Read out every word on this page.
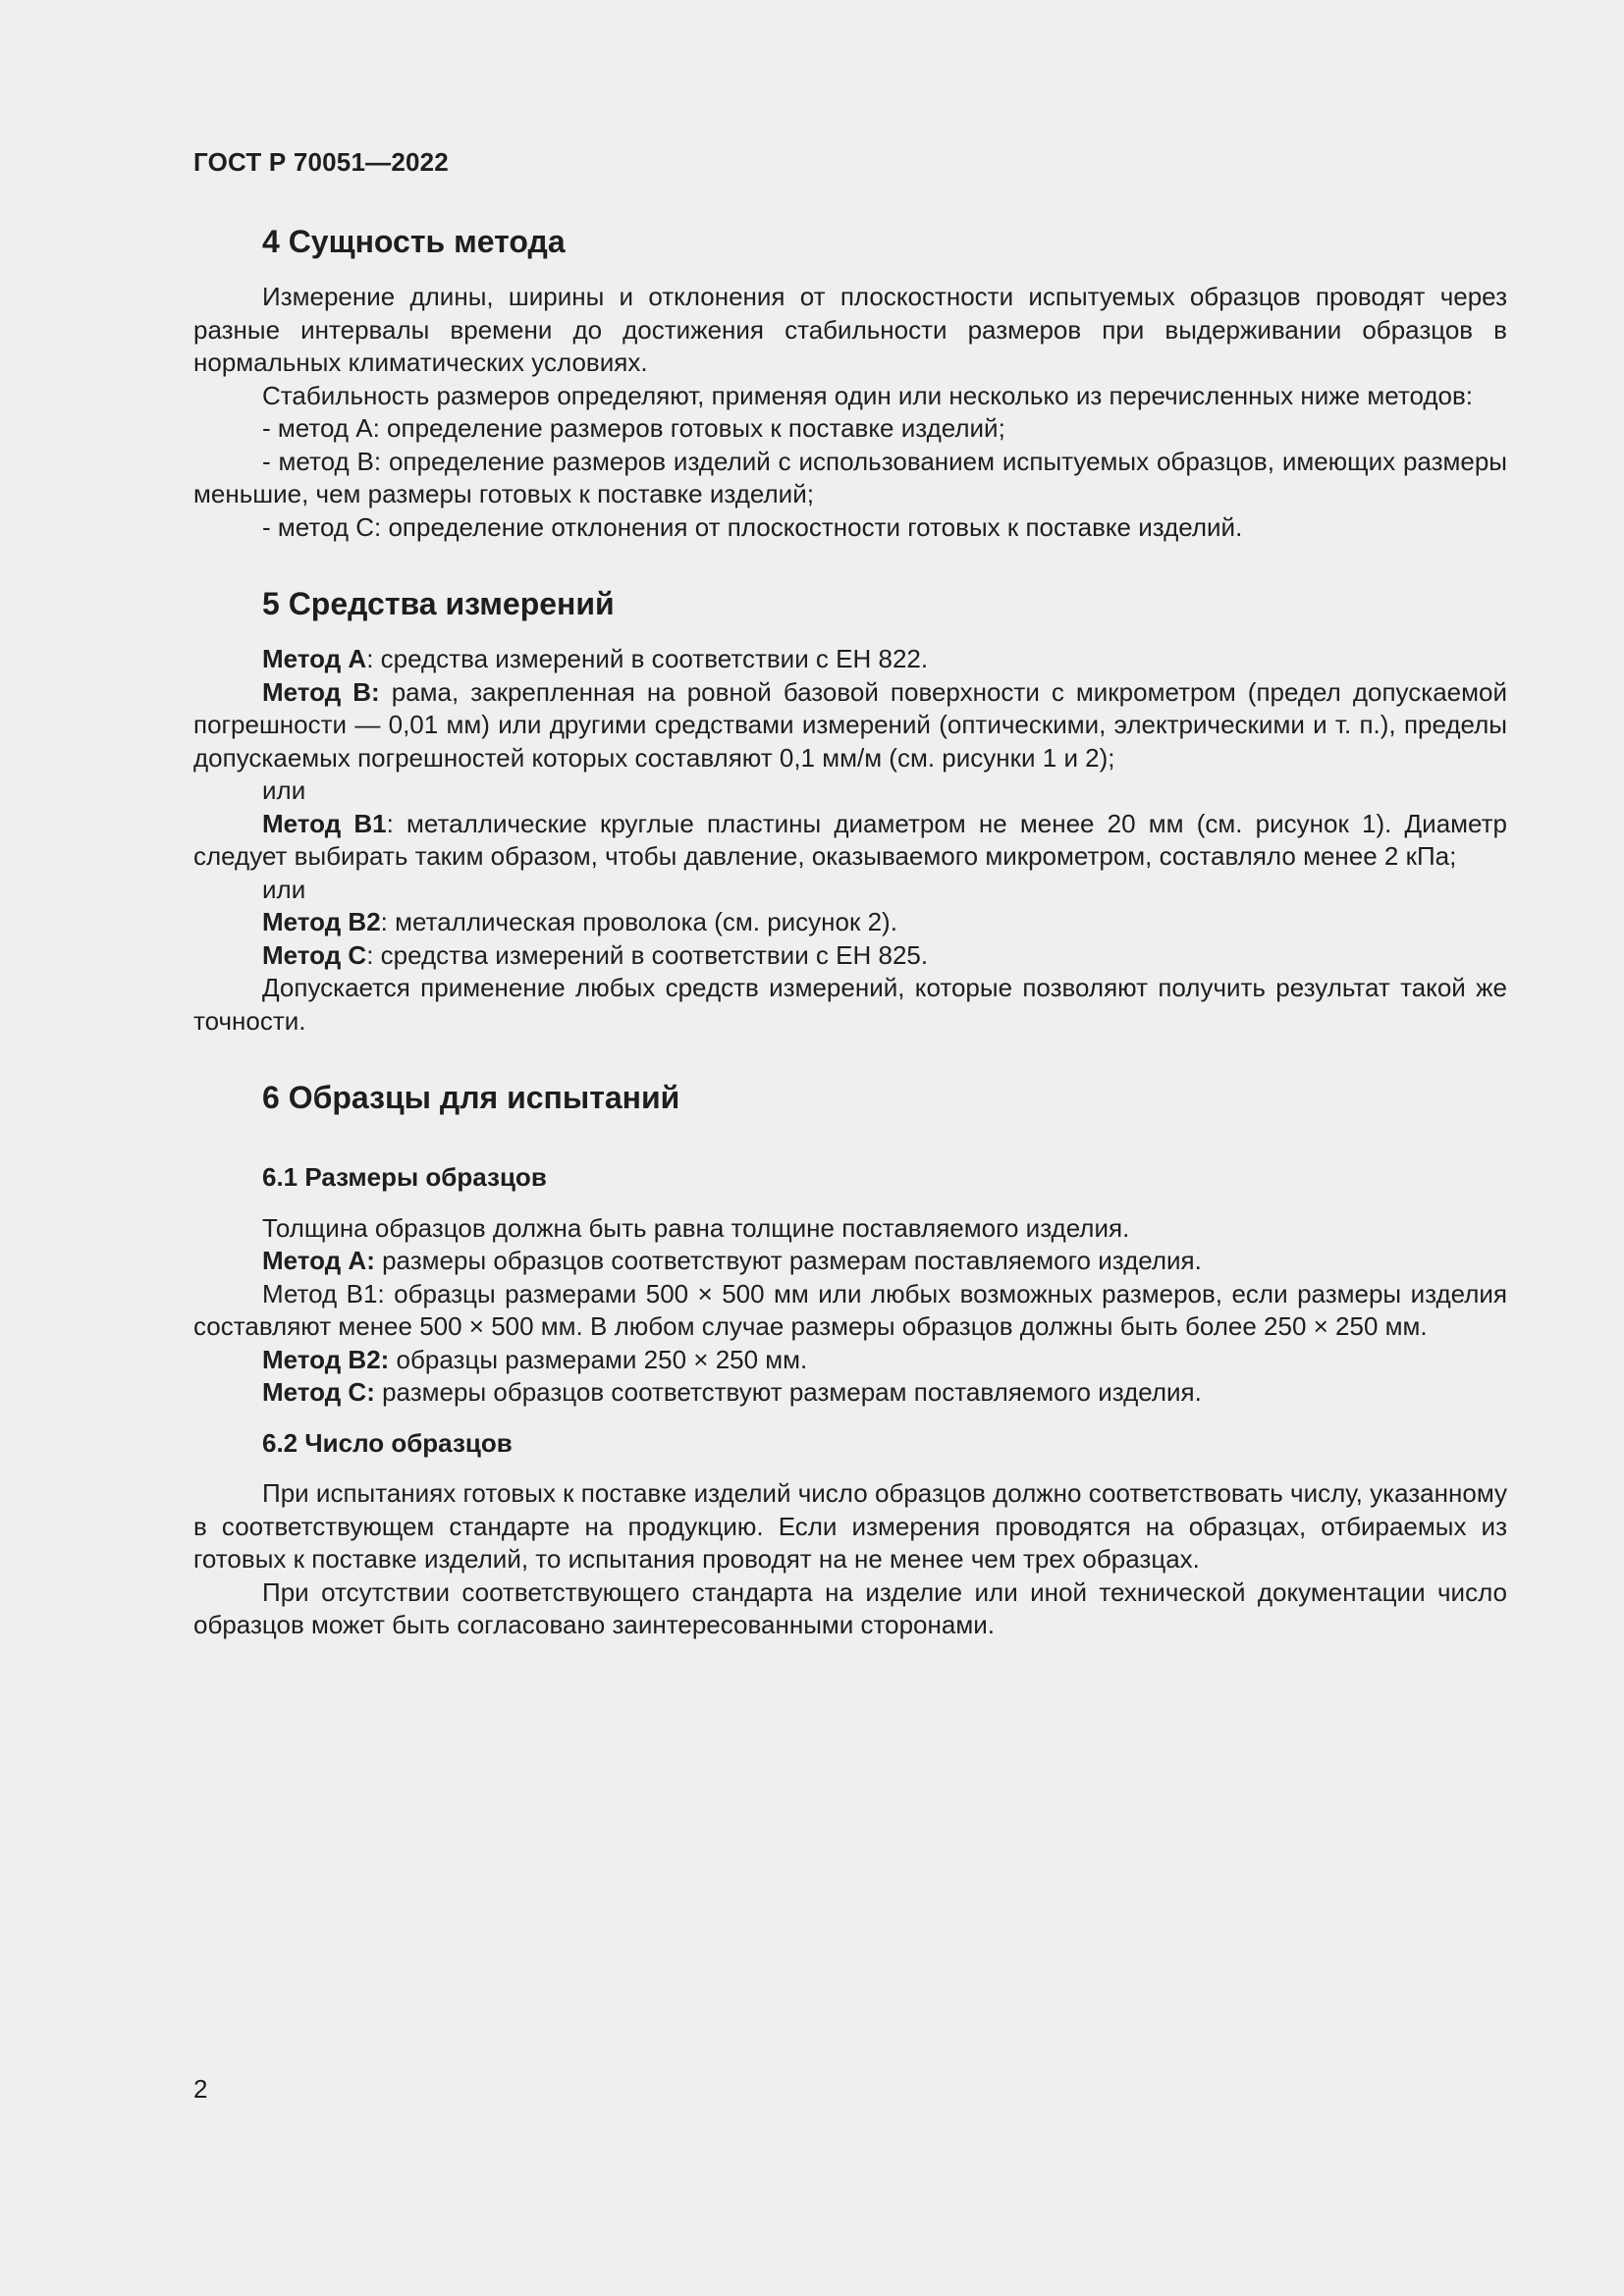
ГОСТ Р 70051—2022
4 Сущность метода

Измерение длины, ширины и отклонения от плоскостности испытуемых образцов проводят через разные интервалы времени до достижения стабильности размеров при выдерживании образцов в нормальных климатических условиях.

Стабильность размеров определяют, применяя один или несколько из перечисленных ниже методов:

- метод А: определение размеров готовых к поставке изделий;

- метод В: определение размеров изделий с использованием испытуемых образцов, имеющих размеры меньшие, чем размеры готовых к поставке изделий;

- метод С: определение отклонения от плоскостности готовых к поставке изделий.

5 Средства измерений

Метод А: средства измерений в соответствии с ЕН 822.

Метод В: рама, закрепленная на ровной базовой поверхности с микрометром (предел допускаемой погрешности — 0,01 мм) или другими средствами измерений (оптическими, электрическими и т. п.), пределы допускаемых погрешностей которых составляют 0,1 мм/м (см. рисунки 1 и 2);

или

Метод В1: металлические круглые пластины диаметром не менее 20 мм (см. рисунок 1). Диаметр следует выбирать таким образом, чтобы давление, оказываемого микрометром, составляло менее 2 кПа;

или

Метод В2: металлическая проволока (см. рисунок 2).

Метод С: средства измерений в соответствии с ЕН 825.

Допускается применение любых средств измерений, которые позволяют получить результат такой же точности.

6 Образцы для испытаний
6.1 Размеры образцов

Толщина образцов должна быть равна толщине поставляемого изделия.

Метод А: размеры образцов соответствуют размерам поставляемого изделия.

Метод В1: образцы размерами 500 × 500 мм или любых возможных размеров, если размеры изделия составляют менее 500 × 500 мм. В любом случае размеры образцов должны быть более 250 × 250 мм.

Метод В2: образцы размерами 250 × 250 мм.

Метод С: размеры образцов соответствуют размерам поставляемого изделия.

6.2 Число образцов

При испытаниях готовых к поставке изделий число образцов должно соответствовать числу, указанному в соответствующем стандарте на продукцию. Если измерения проводятся на образцах, отбираемых из готовых к поставке изделий, то испытания проводят на не менее чем трех образцах.

При отсутствии соответствующего стандарта на изделие или иной технической документации число образцов может быть согласовано заинтересованными сторонами.

2
